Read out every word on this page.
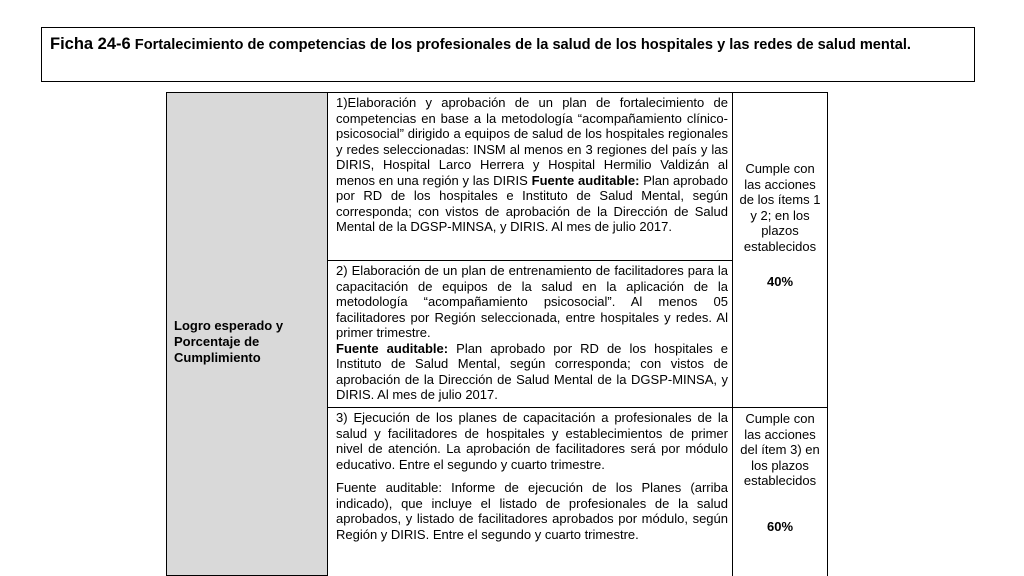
Ficha 24-6 Fortalecimiento de competencias de los profesionales de la salud de los hospitales y las redes de salud mental.
Logro esperado y Porcentaje de Cumplimiento
1)Elaboración y aprobación de un plan de fortalecimiento de competencias en base a la metodología “acompañamiento clínico-psicosocial” dirigido a equipos de salud de los hospitales regionales y redes seleccionadas: INSM al menos en 3 regiones del país y las DIRIS, Hospital Larco Herrera y Hospital Hermilio Valdizán al menos en una región y las DIRIS Fuente auditable: Plan aprobado por RD de los hospitales e Instituto de Salud Mental, según corresponda; con vistos de aprobación de la Dirección de Salud Mental de la DGSP-MINSA, y DIRIS. Al mes de julio 2017.
2) Elaboración de un plan de entrenamiento de facilitadores para la capacitación de equipos de la salud en la aplicación de la metodología “acompañamiento psicosocial”. Al menos 05 facilitadores por Región seleccionada, entre hospitales y redes. Al primer trimestre.
Fuente auditable: Plan aprobado por RD de los hospitales e Instituto de Salud Mental, según corresponda; con vistos de aprobación de la Dirección de Salud Mental de la DGSP-MINSA, y DIRIS. Al mes de julio 2017.
3) Ejecución de los planes de capacitación a profesionales de la salud y facilitadores de hospitales y establecimientos de primer nivel de atención. La aprobación de facilitadores será por módulo educativo. Entre el segundo y cuarto trimestre.
Fuente auditable: Informe de ejecución de los Planes (arriba indicado), que incluye el listado de profesionales de la salud aprobados, y listado de facilitadores aprobados por módulo, según Región y DIRIS. Entre el segundo y cuarto trimestre.
Cumple con las acciones de los ítems 1 y 2; en los plazos establecidos
40%
Cumple con las acciones del ítem 3) en los plazos establecidos
60%
